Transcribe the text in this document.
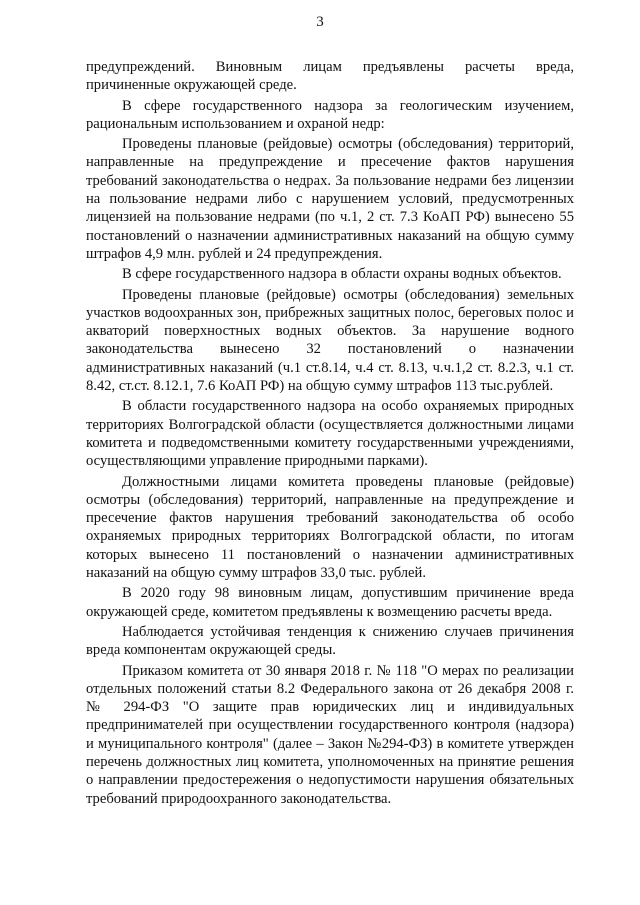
3

предупреждений. Виновным лицам предъявлены расчеты вреда, причиненные окружающей среде.

В сфере государственного надзора за геологическим изучением, рациональным использованием и охраной недр:

Проведены плановые (рейдовые) осмотры (обследования) территорий, направленные на предупреждение и пресечение фактов нарушения требований законодательства о недрах. За пользование недрами без лицензии на пользование недрами либо с нарушением условий, предусмотренных лицензией на пользование недрами (по ч.1, 2 ст. 7.3 КоАП РФ) вынесено 55 постановлений о назначении административных наказаний на общую сумму штрафов 4,9 млн. рублей и 24 предупреждения.

В сфере государственного надзора в области охраны водных объектов.

Проведены плановые (рейдовые) осмотры (обследования) земельных участков водоохранных зон, прибрежных защитных полос, береговых полос и акваторий поверхностных водных объектов. За нарушение водного законодательства вынесено 32 постановлений о назначении административных наказаний (ч.1 ст.8.14, ч.4 ст. 8.13, ч.ч.1,2 ст. 8.2.3, ч.1 ст. 8.42, ст.ст. 8.12.1, 7.6 КоАП РФ) на общую сумму штрафов 113 тыс.рублей.

В области государственного надзора на особо охраняемых природных территориях Волгоградской области (осуществляется должностными лицами комитета и подведомственными комитету государственными учреждениями, осуществляющими управление природными парками).

Должностными лицами комитета проведены плановые (рейдовые) осмотры (обследования) территорий, направленные на предупреждение и пресечение фактов нарушения требований законодательства об особо охраняемых природных территориях Волгоградской области, по итогам которых вынесено 11 постановлений о назначении административных наказаний на общую сумму штрафов 33,0 тыс. рублей.

В 2020 году 98 виновным лицам, допустившим причинение вреда окружающей среде, комитетом предъявлены к возмещению расчеты вреда.

Наблюдается устойчивая тенденция к снижению случаев причинения вреда компонентам окружающей среды.

Приказом комитета от 30 января 2018 г. № 118 "О мерах по реализации отдельных положений статьи 8.2 Федерального закона от 26 декабря 2008 г. № 294-ФЗ "О защите прав юридических лиц и индивидуальных предпринимателей при осуществлении государственного контроля (надзора) и муниципального контроля" (далее – Закон №294-ФЗ) в комитете утвержден перечень должностных лиц комитета, уполномоченных на принятие решения о направлении предостережения о недопустимости нарушения обязательных требований природоохранного законодательства.
